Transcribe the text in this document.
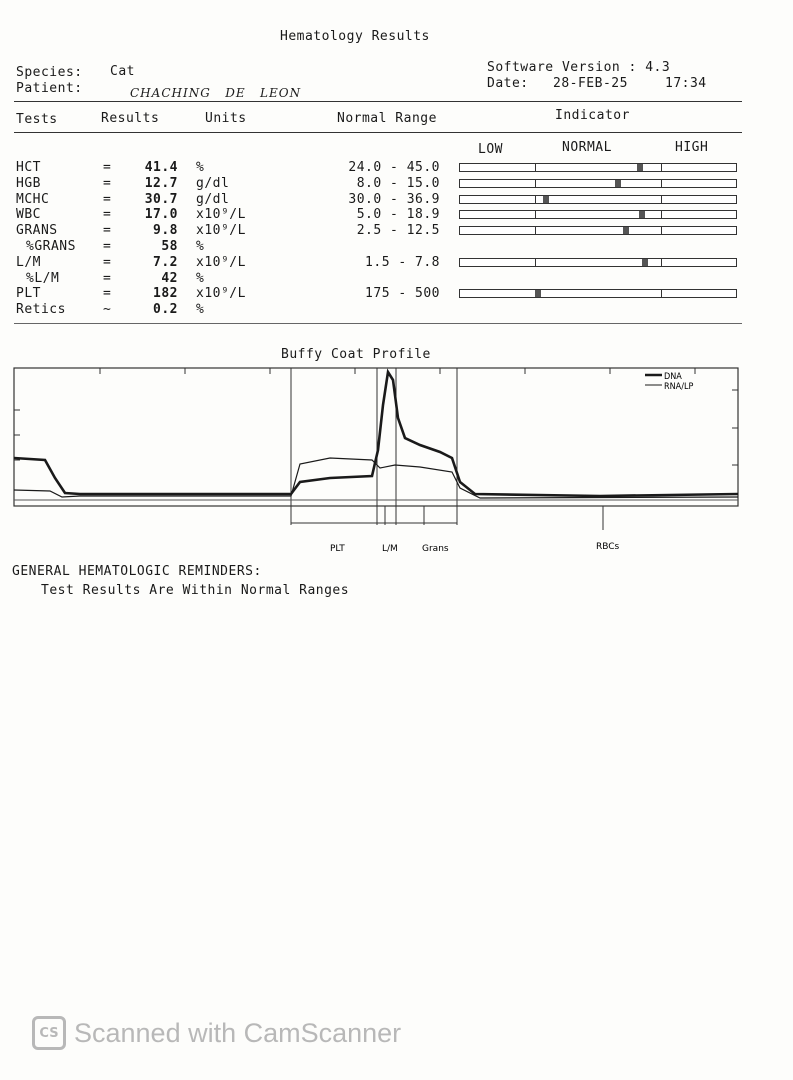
Hematology Results
Species: Cat
Patient:	CHACHING   DE   LEON
Software Version : 4.3
Date: 28-FEB-25	17:34
Tests	Results	Units	Normal Range	Indicator
LOW	NORMAL	HIGH
HCT	=	41.4 %	24.0 - 45.0
HGB	=	12.7 g/dl	8.0 - 15.0
MCHC	=	30.7 g/dl	30.0 - 36.9
WBC	=	17.0 x10⁹/L	5.0 - 18.9
GRANS	=	9.8 x10⁹/L	2.5 - 12.5
%GRANS =	58 %
L/M	=	7.2 x10⁹/L	1.5 - 7.8
%L/M	=	42 %
PLT	=	182 x10⁹/L	175 - 500
Retics	~	0.2 %
Buffy Coat Profile
DNA
RNA/LP
PLT	L/M	Grans	RBCs
GENERAL HEMATOLOGIC REMINDERS:
Test Results Are Within Normal Ranges
CS Scanned with CamScanner
